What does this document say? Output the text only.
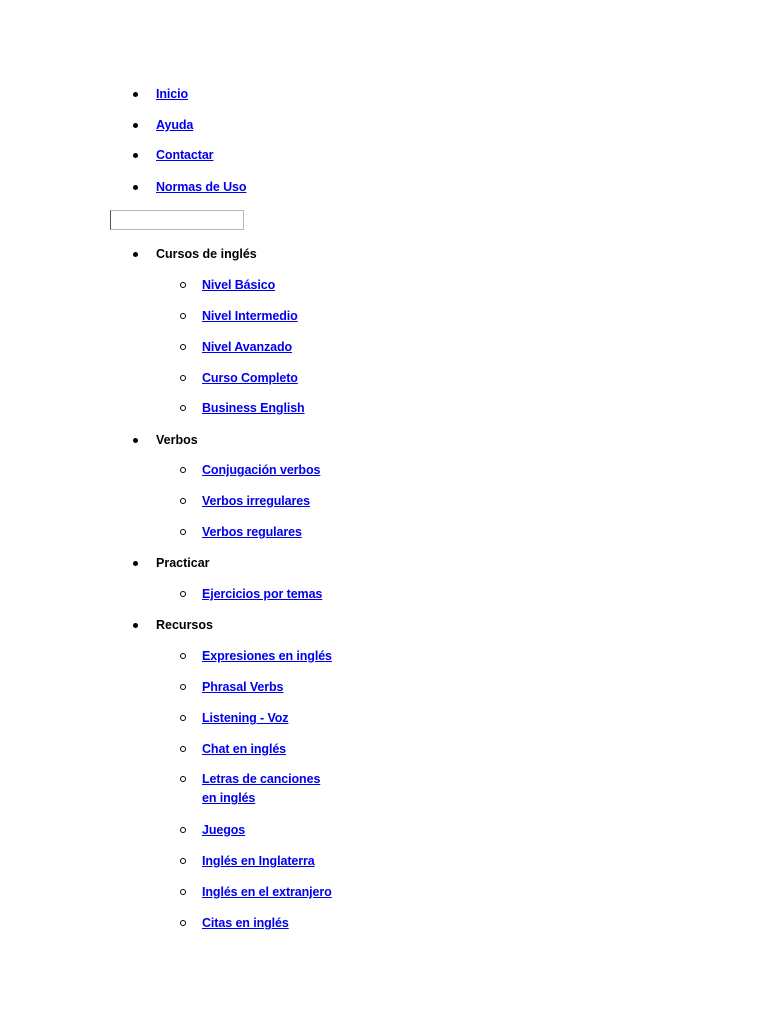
Inicio
Ayuda
Contactar
Normas de Uso
Cursos de inglés
Nivel Básico
Nivel Intermedio
Nivel Avanzado
Curso Completo
Business English
Verbos
Conjugación verbos
Verbos irregulares
Verbos regulares
Practicar
Ejercicios por temas
Recursos
Expresiones en inglés
Phrasal Verbs
Listening - Voz
Chat en inglés
Letras de canciones en inglés
Juegos
Inglés en Inglaterra
Inglés en el extranjero
Citas en inglés
